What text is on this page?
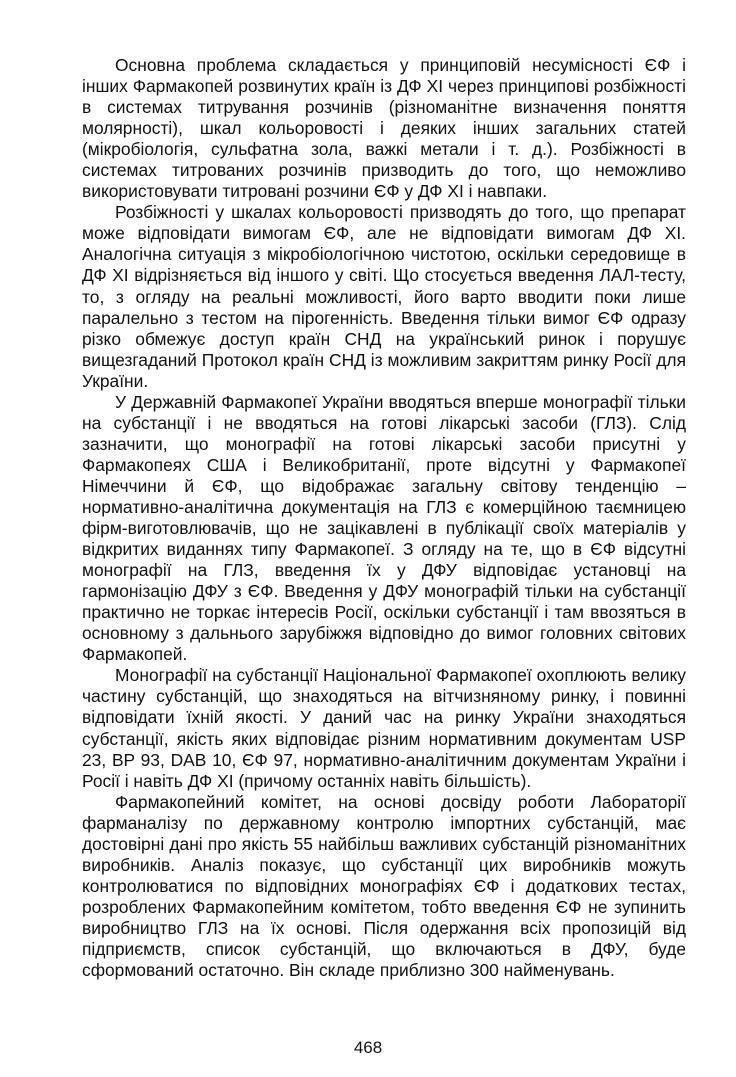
Основна проблема складається у принциповій несумісності ЄФ і інших Фармакопей розвинутих країн із ДФ XI через принципові розбіжності в системах титрування розчинів (різноманітне визначення поняття молярності), шкал кольоровості і деяких інших загальних статей (мікробіологія, сульфатна зола, важкі метали і т. д.). Розбіжності в системах титрованих розчинів призводить до того, що неможливо використовувати титровані розчини ЄФ у ДФ XI і навпаки.

Розбіжності у шкалах кольоровості призводять до того, що препарат може відповідати вимогам ЄФ, але не відповідати вимогам ДФ XI. Аналогічна ситуація з мікробіологічною чистотою, оскільки середовище в ДФ XI відрізняється від іншого у світі. Що стосується введення ЛАЛ-тесту, то, з огляду на реальні можливості, його варто вводити поки лише паралельно з тестом на пірогенність. Введення тільки вимог ЄФ одразу різко обмежує доступ країн СНД на український ринок і порушує вищезгаданий Протокол країн СНД із можливим закриттям ринку Росії для України.

У Державній Фармакопеї України вводяться вперше монографії тільки на субстанції і не вводяться на готові лікарські засоби (ГЛЗ). Слід зазначити, що монографії на готові лікарські засоби присутні у Фармакопеях США і Великобританії, проте відсутні у Фармакопеї Німеччини й ЄФ, що відображає загальну світову тенденцію – нормативно-аналітична документація на ГЛЗ є комерційною таємницею фірм-виготовлювачів, що не зацікавлені в публікації своїх матеріалів у відкритих виданнях типу Фармакопеї. З огляду на те, що в ЄФ відсутні монографії на ГЛЗ, введення їх у ДФУ відповідає установці на гармонізацію ДФУ з ЄФ. Введення у ДФУ монографій тільки на субстанції практично не торкає інтересів Росії, оскільки субстанції і там ввозяться в основному з дальнього зарубіжжя відповідно до вимог головних світових Фармакопей.

Монографії на субстанції Національної Фармакопеї охоплюють велику частину субстанцій, що знаходяться на вітчизняному ринку, і повинні відповідати їхній якості. У даний час на ринку України знаходяться субстанції, якість яких відповідає різним нормативним документам USP 23, BP 93, DAB 10, ЄФ 97, нормативно-аналітичним документам України і Росії і навіть ДФ XI (причому останніх навіть більшість).

Фармакопейний комітет, на основі досвіду роботи Лабораторії фарманалізу по державному контролю імпортних субстанцій, має достовірні дані про якість 55 найбільш важливих субстанцій різноманітних виробників. Аналіз показує, що субстанції цих виробників можуть контролюватися по відповідних монографіях ЄФ і додаткових тестах, розроблених Фармакопейним комітетом, тобто введення ЄФ не зупинить виробництво ГЛЗ на їх основі. Після одержання всіх пропозицій від підприємств, список субстанцій, що включаються в ДФУ, буде сформований остаточно. Він складе приблизно 300 найменувань.

468
